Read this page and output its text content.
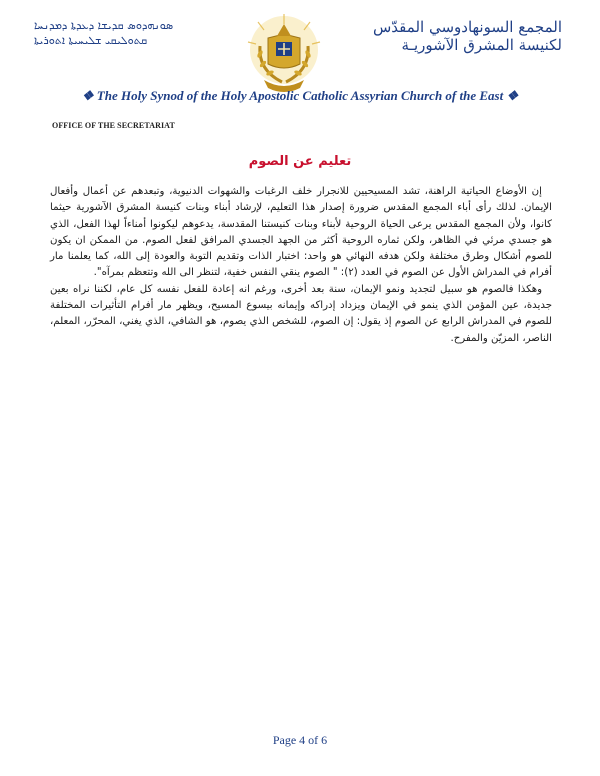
المجمع السونهادوسي المقدّس
لكنيسة المشرق الآشوريـة
ܣܘܢܗܕܘܣ ܩܕܝܫܐ ܕܥܕܬܐ ܕܡܕܢܚܐ
ܩܬܘܠܝܩܝ ܫܠܝܚܝܬܐ ܐܬܘܪܝܬܐ
❖ The Holy Synod of the Holy Apostolic Catholic Assyrian Church of the East ❖
OFFICE OF THE SECRETARIAT
تعليم عن الصوم

إن الأوضاع الحياتية الراهنة، تشد المسيحيين للانجرار خلف الرغبات والشهوات الدنيوية، وتبعدهم عن أعمال وأفعال الإيمان. لذلك رأى أباء المجمع المقدس ضرورة إصدار هذا التعليم، لإرشاد أبناء وبنات كنيسة المشرق الآشورية حيثما كانوا، ولأن المجمع المقدس يرعى الحياة الروحية لأبناء وبنات كنيستنا المقدسة، يدعوهم ليكونوا أمناءاً لهذا الفعل، الذي هو جسدي مرئي في الظاهر، ولكن ثماره الروحية أكثر من الجهد الجسدي المرافق لفعل الصوم. من الممكن ان يكون للصوم أشكال وطرق مختلفة ولكن هدفه النهائي هو واحد: اختبار الذات وتقديم التوبة والعودة إلى الله، كما يعلمنا مار أفرام في المدراش الأول عن الصوم في العدد (٢): " الصوم ينقي النفس خفية، لتنظر الى الله وتتعظم بمرآه".

وهكذا فالصوم هو سبيل لتجديد ونمو الإيمان، سنة بعد أخرى، ورغم انه إعادة للفعل نفسه كل عام، لكننا نراه بعين جديدة، عين المؤمن الذي ينمو في الإيمان ويزداد إدراكه وإيمانه بيسوع المسيح، ويظهر مار أفرام التأثيرات المختلفة للصوم في المدراش الرابع عن الصوم إذ يقول: إن الصوم، للشخص الذي يصوم، هو الشافي، الذي يغني، المحرّر، المعلم، الناصر، المزيّن والمفرح.

Page 4 of 6
